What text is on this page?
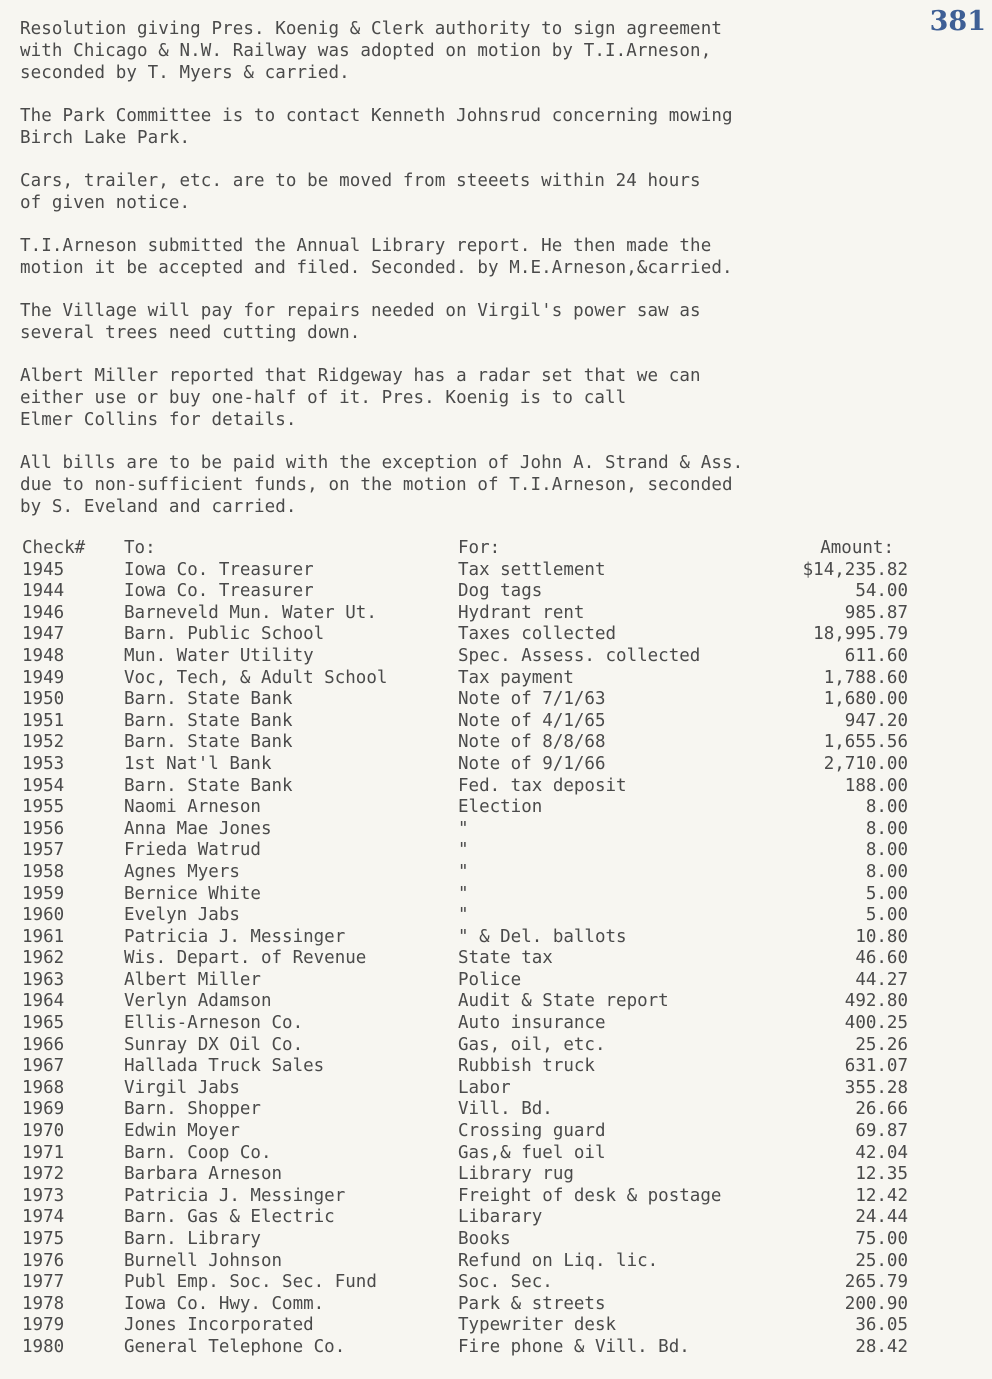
381

Resolution giving Pres. Koenig & Clerk authority to sign agreement
with Chicago & N.W. Railway was adopted on motion by T.I.Arneson,
seconded by T. Myers & carried.

The Park Committee is to contact Kenneth Johnsrud concerning mowing
Birch Lake Park.

Cars, trailer, etc. are to be moved from steeets within 24 hours
of given notice.

T.I.Arneson submitted the Annual Library report. He then made the
motion it be accepted and filed. Seconded. by M.E.Arneson,&carried.

The Village will pay for repairs needed on Virgil's power saw as
several trees need cutting down.

Albert Miller reported that Ridgeway has a radar set that we can
either use or buy one-half of it. Pres. Koenig is to call
Elmer Collins for details.

All bills are to be paid with the exception of John A. Strand & Ass.
due to non-sufficient funds, on the motion of T.I.Arneson, seconded
by S. Eveland and carried.

Check# To:	For:	Amount:
1945	Iowa Co. Treasurer	Tax settlement	$14,235.82
1944	Iowa Co. Treasurer	Dog tags	54.00
1946	Barneveld Mun. Water Ut.	Hydrant rent	985.87
1947	Barn. Public School	Taxes collected	18,995.79
1948	Mun. Water Utility	Spec. Assess. collected	611.60
1949	Voc, Tech, & Adult School	Tax payment	1,788.60
1950	Barn. State Bank	Note of 7/1/63	1,680.00
1951	Barn. State Bank	Note of 4/1/65	947.20
1952	Barn. State Bank	Note of 8/8/68	1,655.56
1953	1st Nat'l Bank	Note of 9/1/66	2,710.00
1954	Barn. State Bank	Fed. tax deposit	188.00
1955	Naomi Arneson	Election	8.00
1956	Anna Mae Jones	"	8.00
1957	Frieda Watrud	"	8.00
1958	Agnes Myers	"	8.00
1959	Bernice White	"	5.00
1960	Evelyn Jabs	"	5.00
1961	Patricia J. Messinger	" & Del. ballots	10.80
1962	Wis. Depart. of Revenue	State tax	46.60
1963	Albert Miller	Police	44.27
1964	Verlyn Adamson	Audit & State report	492.80
1965	Ellis-Arneson Co.	Auto insurance	400.25
1966	Sunray DX Oil Co.	Gas, oil, etc.	25.26
1967	Hallada Truck Sales	Rubbish truck	631.07
1968	Virgil Jabs	Labor	355.28
1969	Barn. Shopper	Vill. Bd.	26.66
1970	Edwin Moyer	Crossing guard	69.87
1971	Barn. Coop Co.	Gas,& fuel oil	42.04
1972	Barbara Arneson	Library rug	12.35
1973	Patricia J. Messinger	Freight of desk & postage	12.42
1974	Barn. Gas & Electric	Libarary	24.44
1975	Barn. Library	Books	75.00
1976	Burnell Johnson	Refund on Liq. lic.	25.00
1977	Publ Emp. Soc. Sec. Fund	Soc. Sec.	265.79
1978	Iowa Co. Hwy. Comm.	Park & streets	200.90
1979	Jones Incorporated	Typewriter desk	36.05
1980	General Telephone Co.	Fire phone & Vill. Bd.	28.42
